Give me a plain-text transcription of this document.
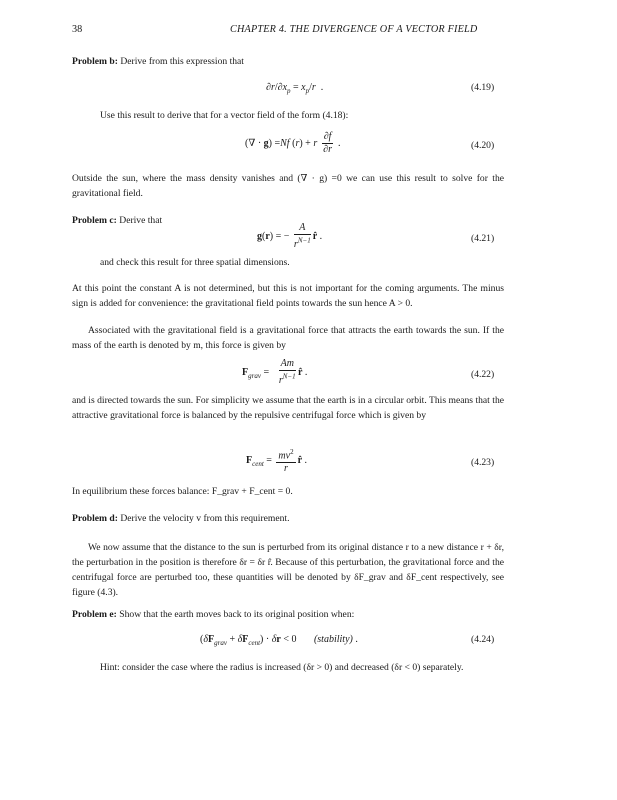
38	CHAPTER 4. THE DIVERGENCE OF A VECTOR FIELD
Problem b: Derive from this expression that
$\partial r/\partial x_p = x_p/r$  .	(4.19)
Use this result to derive that for a vector field of the form (4.18):
(∇ · g) =Nf (r) + r $\frac{\partial f}{\partial r}$ .	(4.20)
Outside the sun, where the mass density vanishes and (∇ · g) =0 we can use this result to solve for the gravitational field.
Problem c: Derive that
g(r) = − $\frac{A}{r^{N-1}}$ r̂ .	(4.21)
and check this result for three spatial dimensions.
At this point the constant A is not determined, but this is not important for the coming arguments. The minus sign is added for convenience: the gravitational field points towards the sun hence A > 0.
Associated with the gravitational field is a gravitational force that attracts the earth towards the sun. If the mass of the earth is denoted by m, this force is given by
$F_{grav} = \frac{Am}{r^{N-1}}$ r̂ .	(4.22)
and is directed towards the sun. For simplicity we assume that the earth is in a circular orbit. This means that the attractive gravitational force is balanced by the repulsive centrifugal force which is given by
$F_{cent} = \frac{mv^2}{r}$ r̂ .	(4.23)
In equilibrium these forces balance: F_grav + F_cent = 0.
Problem d: Derive the velocity v from this requirement.
We now assume that the distance to the sun is perturbed from its original distance r to a new distance r + δr, the perturbation in the position is therefore δr = δr r̂. Because of this perturbation, the gravitational force and the centrifugal force are perturbed too, these quantities will be denoted by δF_grav and δF_cent respectively, see figure (4.3).
Problem e: Show that the earth moves back to its original position when:
$(\delta F_{grav} + \delta F_{cent}) \cdot \delta r < 0$       (stability) .	(4.24)
Hint: consider the case where the radius is increased (δr > 0) and decreased (δr < 0) separately.
